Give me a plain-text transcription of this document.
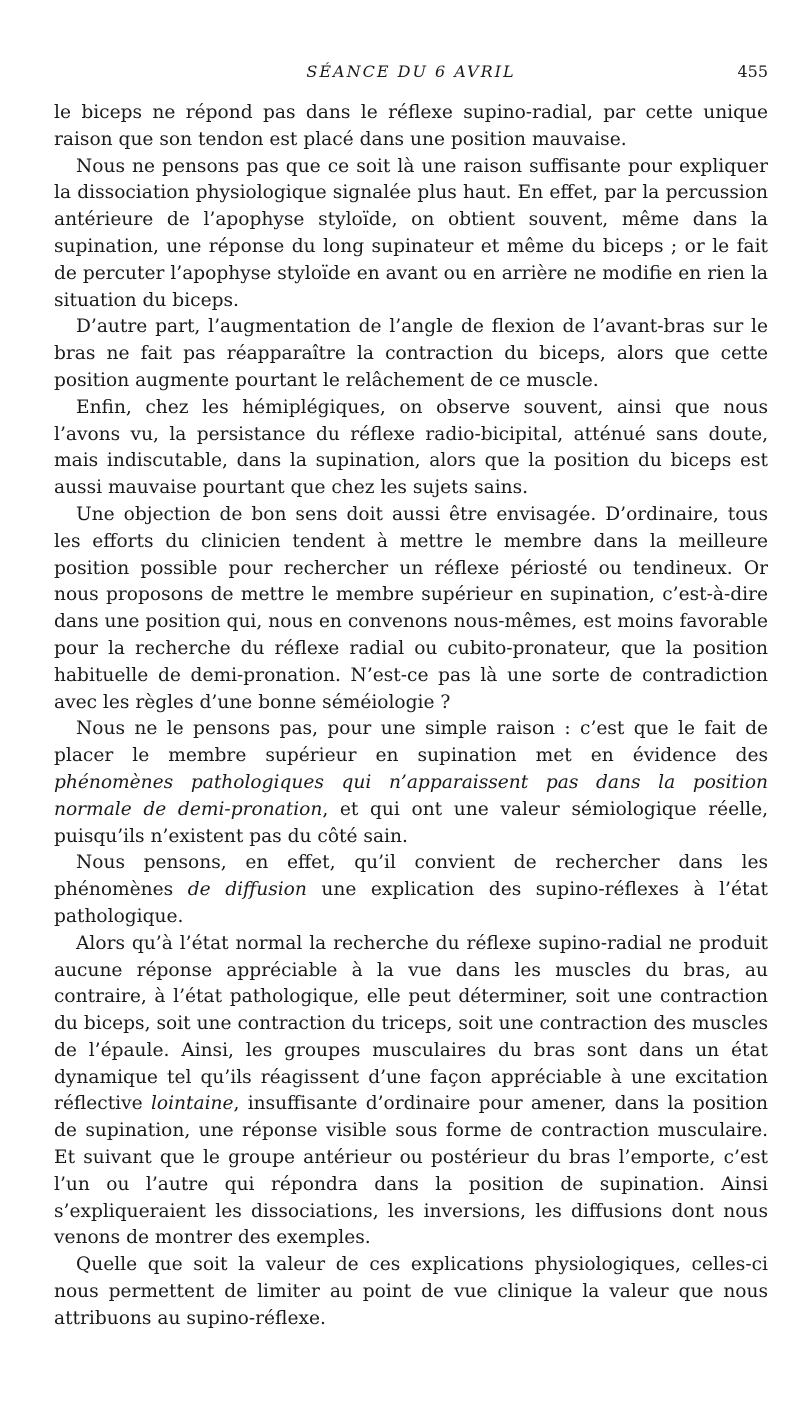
SÉANCE DU 6 AVRIL	455

le biceps ne répond pas dans le réflexe supino-radial, par cette unique raison que son tendon est placé dans une position mauvaise.

Nous ne pensons pas que ce soit là une raison suffisante pour expliquer la dissociation physiologique signalée plus haut. En effet, par la percussion antérieure de l’apophyse styloïde, on obtient souvent, même dans la supination, une réponse du long supinateur et même du biceps ; or le fait de percuter l’apophyse styloïde en avant ou en arrière ne modifie en rien la situation du biceps.

D’autre part, l’augmentation de l’angle de flexion de l’avant-bras sur le bras ne fait pas réapparaître la contraction du biceps, alors que cette position augmente pourtant le relâchement de ce muscle.

Enfin, chez les hémiplégiques, on observe souvent, ainsi que nous l’avons vu, la persistance du réflexe radio-bicipital, atténué sans doute, mais indiscutable, dans la supination, alors que la position du biceps est aussi mauvaise pourtant que chez les sujets sains.

Une objection de bon sens doit aussi être envisagée. D’ordinaire, tous les efforts du clinicien tendent à mettre le membre dans la meilleure position possible pour rechercher un réflexe périosté ou tendineux. Or nous proposons de mettre le membre supérieur en supination, c’est-à-dire dans une position qui, nous en convenons nous-mêmes, est moins favorable pour la recherche du réflexe radial ou cubito-pronateur, que la position habituelle de demi-pronation. N’est-ce pas là une sorte de contradiction avec les règles d’une bonne séméiologie ?

Nous ne le pensons pas, pour une simple raison : c’est que le fait de placer le membre supérieur en supination met en évidence des phénomènes pathologiques qui n’apparaissent pas dans la position normale de demi-pronation, et qui ont une valeur sémiologique réelle, puisqu’ils n’existent pas du côté sain.

Nous pensons, en effet, qu’il convient de rechercher dans les phénomènes de diffusion une explication des supino-réflexes à l’état pathologique.

Alors qu’à l’état normal la recherche du réflexe supino-radial ne produit aucune réponse appréciable à la vue dans les muscles du bras, au contraire, à l’état pathologique, elle peut déterminer, soit une contraction du biceps, soit une contraction du triceps, soit une contraction des muscles de l’épaule. Ainsi, les groupes musculaires du bras sont dans un état dynamique tel qu’ils réagissent d’une façon appréciable à une excitation réflective lointaine, insuffisante d’ordinaire pour amener, dans la position de supination, une réponse visible sous forme de contraction musculaire. Et suivant que le groupe antérieur ou postérieur du bras l’emporte, c’est l’un ou l’autre qui répondra dans la position de supination. Ainsi s’expliqueraient les dissociations, les inversions, les diffusions dont nous venons de montrer des exemples.

Quelle que soit la valeur de ces explications physiologiques, celles-ci nous permettent de limiter au point de vue clinique la valeur que nous attribuons au supino-réflexe.
